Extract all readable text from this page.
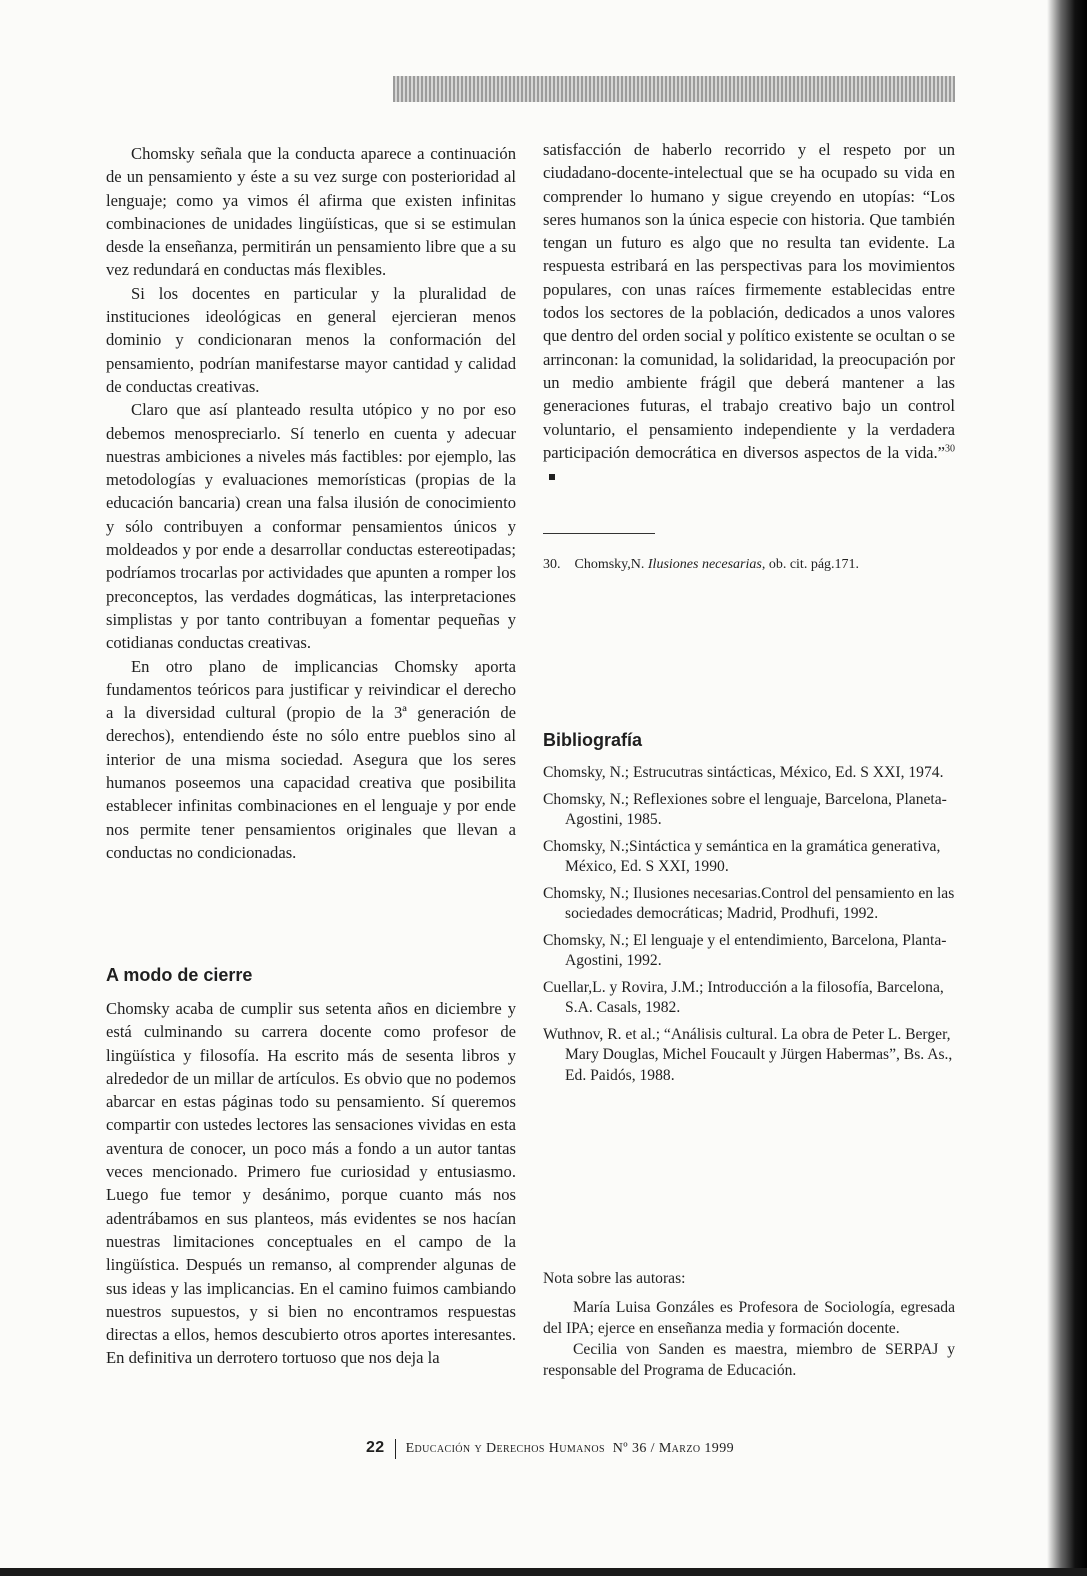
Chomsky señala que la conducta aparece a continuación de un pensamiento y éste a su vez surge con posterioridad al lenguaje; como ya vimos él afirma que existen infinitas combinaciones de unidades lingüísticas, que si se estimulan desde la enseñanza, permitirán un pensamiento libre que a su vez redundará en conductas más flexibles.

Si los docentes en particular y la pluralidad de instituciones ideológicas en general ejercieran menos dominio y condicionaran menos la conformación del pensamiento, podrían manifestarse mayor cantidad y calidad de conductas creativas.

Claro que así planteado resulta utópico y no por eso debemos menospreciarlo. Sí tenerlo en cuenta y adecuar nuestras ambiciones a niveles más factibles: por ejemplo, las metodologías y evaluaciones memorísticas (propias de la educación bancaria) crean una falsa ilusión de conocimiento y sólo contribuyen a conformar pensamientos únicos y moldeados y por ende a desarrollar conductas estereotipadas; podríamos trocarlas por actividades que apunten a romper los preconceptos, las verdades dogmáticas, las interpretaciones simplistas y por tanto contribuyan a fomentar pequeñas y cotidianas conductas creativas.

En otro plano de implicancias Chomsky aporta fundamentos teóricos para justificar y reivindicar el derecho a la diversidad cultural (propio de la 3ª generación de derechos), entendiendo éste no sólo entre pueblos sino al interior de una misma sociedad. Asegura que los seres humanos poseemos una capacidad creativa que posibilita establecer infinitas combinaciones en el lenguaje y por ende nos permite tener pensamientos originales que llevan a conductas no condicionadas.

A modo de cierre

Chomsky acaba de cumplir sus setenta años en diciembre y está culminando su carrera docente como profesor de lingüística y filosofía. Ha escrito más de sesenta libros y alrededor de un millar de artículos. Es obvio que no podemos abarcar en estas páginas todo su pensamiento. Sí queremos compartir con ustedes lectores las sensaciones vividas en esta aventura de conocer, un poco más a fondo a un autor tantas veces mencionado. Primero fue curiosidad y entusiasmo. Luego fue temor y desánimo, porque cuanto más nos adentrábamos en sus planteos, más evidentes se nos hacían nuestras limitaciones conceptuales en el campo de la lingüística. Después un remanso, al comprender algunas de sus ideas y las implicancias. En el camino fuimos cambiando nuestros supuestos, y si bien no encontramos respuestas directas a ellos, hemos descubierto otros aportes interesantes. En definitiva un derrotero tortuoso que nos deja la

satisfacción de haberlo recorrido y el respeto por un ciudadano-docente-intelectual que se ha ocupado su vida en comprender lo humano y sigue creyendo en utopías: “Los seres humanos son la única especie con historia. Que también tengan un futuro es algo que no resulta tan evidente. La respuesta estribará en las perspectivas para los movimientos populares, con unas raíces firmemente establecidas entre todos los sectores de la población, dedicados a unos valores que dentro del orden social y político existente se ocultan o se arrinconan: la comunidad, la solidaridad, la preocupación por un medio ambiente frágil que deberá mantener a las generaciones futuras, el trabajo creativo bajo un control voluntario, el pensamiento independiente y la verdadera participación democrática en diversos aspectos de la vida.”$^{30}$

30. Chomsky,N. Ilusiones necesarias, ob. cit. pág.171.
Bibliografía
Chomsky, N.; Estrucutras sintácticas, México, Ed. S XXI, 1974.
Chomsky, N.; Reflexiones sobre el lenguaje, Barcelona, Planeta-Agostini, 1985.
Chomsky, N.;Sintáctica y semántica en la gramática generativa, México, Ed. S XXI, 1990.
Chomsky, N.; Ilusiones necesarias.Control del pensamiento en las sociedades democráticas; Madrid, Prodhufi, 1992.
Chomsky, N.; El lenguaje y el entendimiento, Barcelona, Planta-Agostini, 1992.
Cuellar,L. y Rovira, J.M.; Introducción a la filosofía, Barcelona, S.A. Casals, 1982.
Wuthnov, R. et al.; “Análisis cultural. La obra de Peter L. Berger, Mary Douglas, Michel Foucault y Jürgen Habermas”, Bs. As., Ed. Paidós, 1988.

Nota sobre las autoras:

María Luisa Gonzáles es Profesora de Sociología, egresada del IPA; ejerce en enseñanza media y formación docente.

Cecilia von Sanden es maestra, miembro de SERPAJ y responsable del Programa de Educación.

22 Educación y Derechos Humanos Nº 36 / Marzo 1999
